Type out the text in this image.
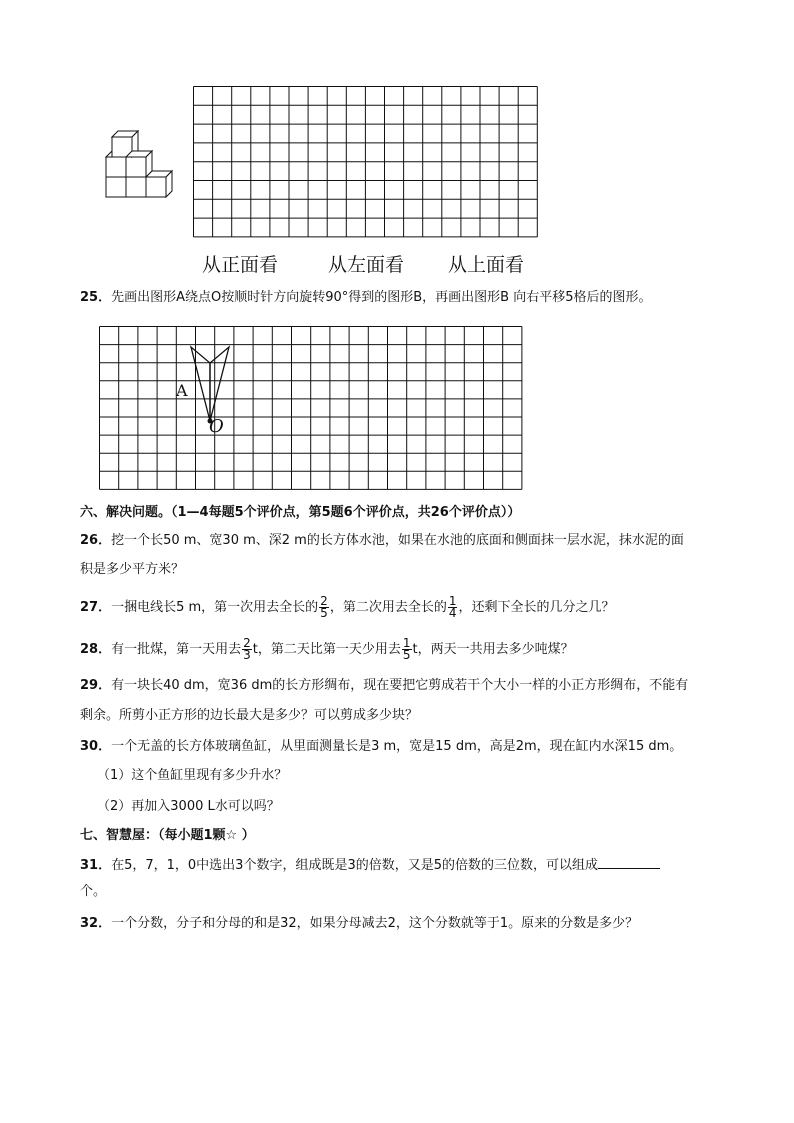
从正面看	从左面看 从上面看
25．先画出图形A绕点O按顺时针方向旋转90°得到的图形B，再画出图形B 向右平移5格后的图形。
A
O
六、解决问题。（1—4每题5个评价点，第5题6个评价点，共26个评价点））
26．挖一个长50 m、宽30 m、深2 m的长方体水池，如果在水池的底面和侧面抹一层水泥，抹水泥的面
积是多少平方米？
27．一捆电线长5 m，第一次用去全长的 $\frac{2}{5}$ ，第二次用去全长的 $\frac{1}{4}$ ，还剩下全长的几分之几？
28．有一批煤，第一天用去 $\frac{2}{3}$ t，第二天比第一天少用去 $\frac{1}{5}$ t，两天一共用去多少吨煤？
29．有一块长40 dm，宽36 dm的长方形绸布，现在要把它剪成若干个大小一样的小正方形绸布，不能有
剩余。所剪小正方形的边长最大是多少？可以剪成多少块？
30．一个无盖的长方体玻璃鱼缸，从里面测量长是3 m，宽是15 dm，高是2m，现在缸内水深15 dm。
（1）这个鱼缸里现有多少升水？
（2）再加入3000 L水可以吗？
七、智慧屋：（每小题1颗☆ ）
31．在5，7，1，0中选出3个数字，组成既是3的倍数，又是5的倍数的三位数，可以组成
个。
32．一个分数，分子和分母的和是32，如果分母减去2，这个分数就等于1。原来的分数是多少？
